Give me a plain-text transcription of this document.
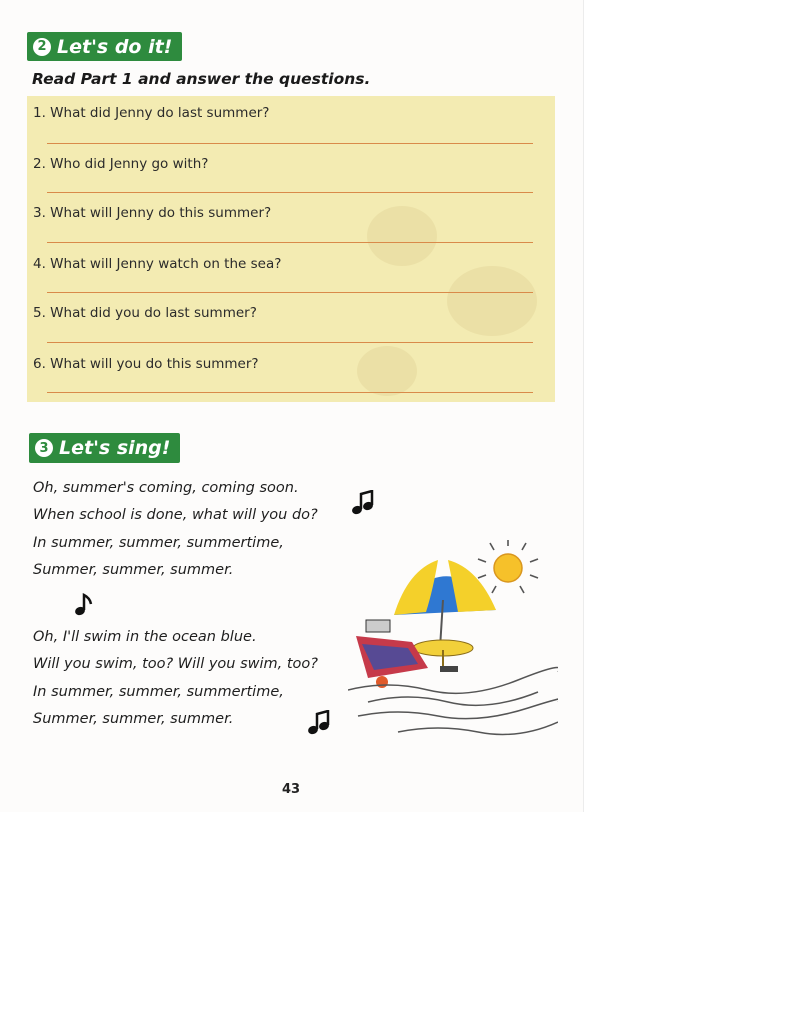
2 Let's do it!
Read Part 1 and answer the questions.
1. What did Jenny do last summer?
2. Who did Jenny go with?
3. What will Jenny do this summer?
4. What will Jenny watch on the sea?
5. What did you do last summer?
6. What will you do this summer?
3 Let's sing!
Oh, summer's coming, coming soon.
When school is done, what will you do?
In summer, summer, summertime,
Summer, summer, summer.
Oh, I'll swim in the ocean blue.
Will you swim, too? Will you swim, too?
In summer, summer, summertime,
Summer, summer, summer.
43
